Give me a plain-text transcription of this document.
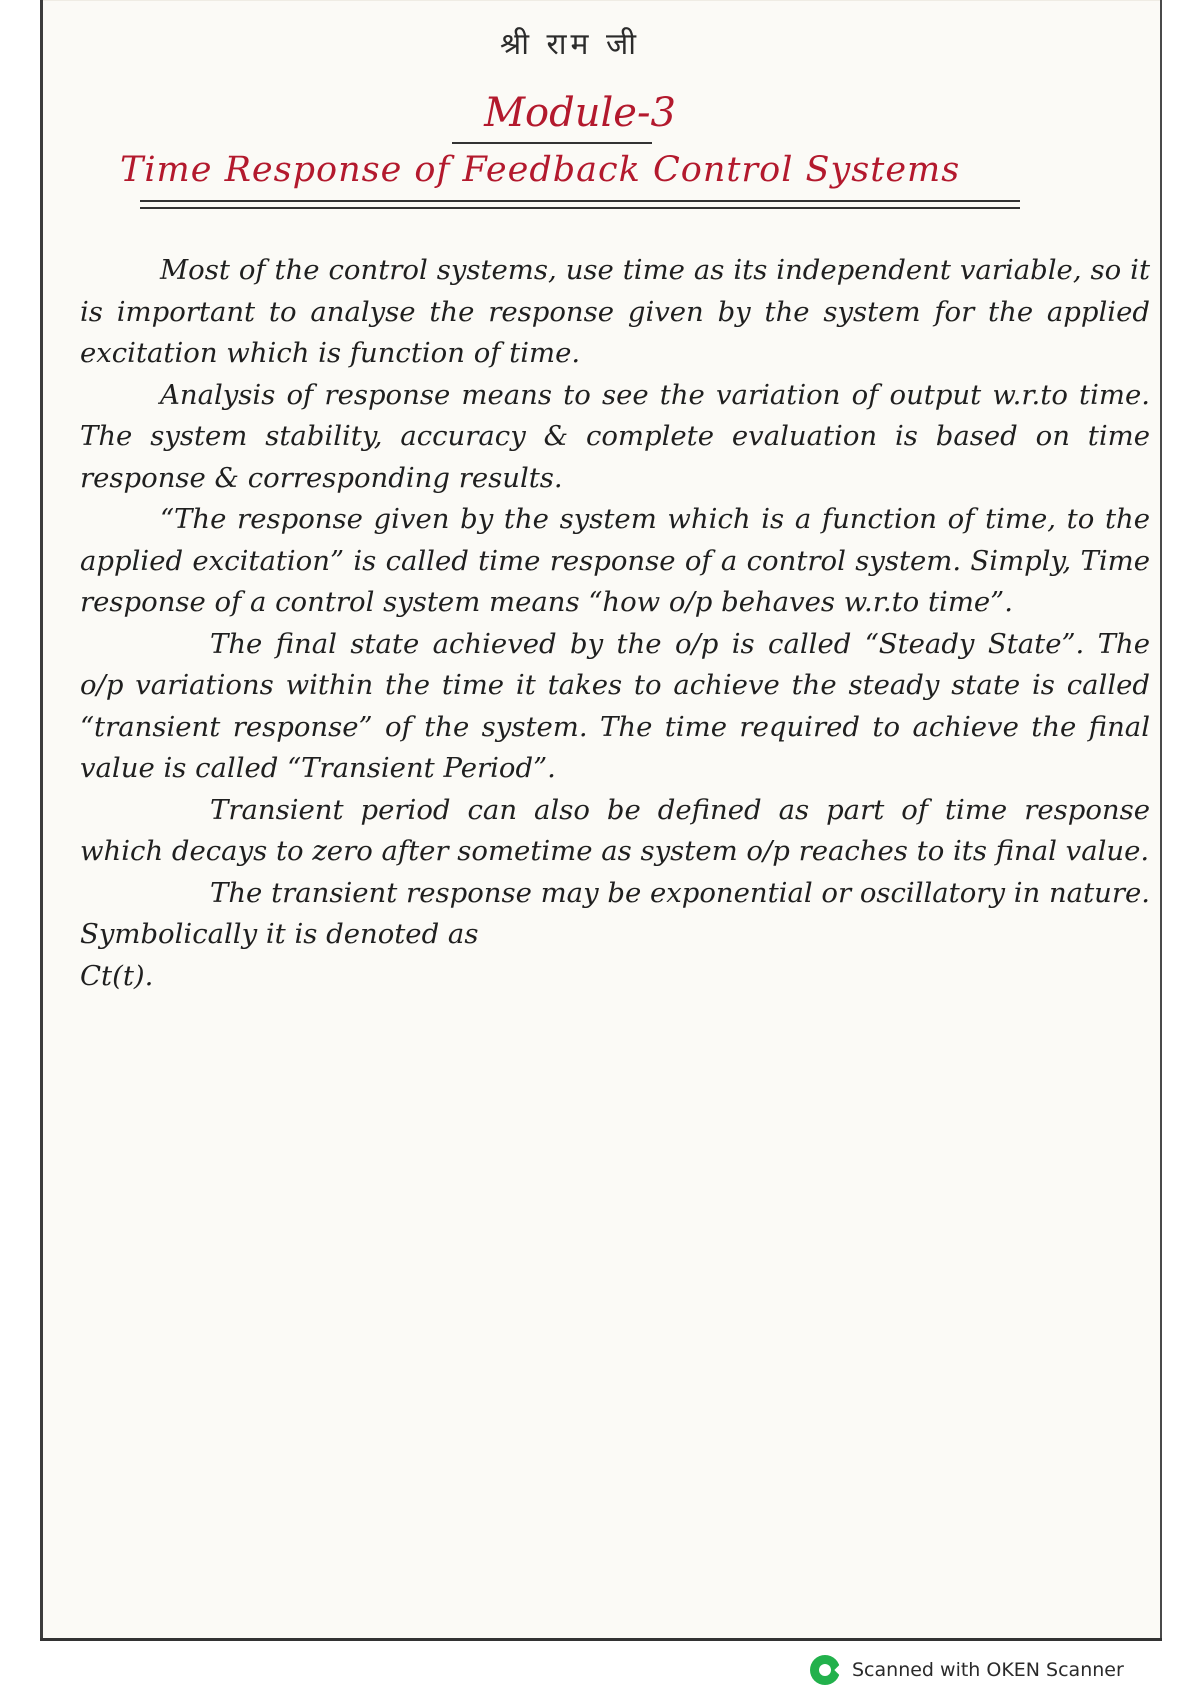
श्री राम जी
Module-3
Time Response of Feedback Control Systems

Most of the control systems, use time as its independent variable, so it is important to analyse the response given by the system for the applied excitation which is function of time.

Analysis of response means to see the variation of output w.r.to time. The system stability, accuracy & complete evaluation is based on time response & corresponding results.

“The response given by the system which is a function of time, to the applied excitation” is called time response of a control system. Simply, Time response of a control system means “how o/p behaves w.r.to time”.

The final state achieved by the o/p is called “Steady State”. The o/p variations within the time it takes to achieve the steady state is called “transient response” of the system. The time required to achieve the final value is called “Transient Period”.

Transient period can also be defined as part of time response which decays to zero after sometime as system o/p reaches to its final value.

The transient response may be exponential or oscillatory in nature. Symbolically it is denoted as

Ct(t).

Scanned with OKEN Scanner
